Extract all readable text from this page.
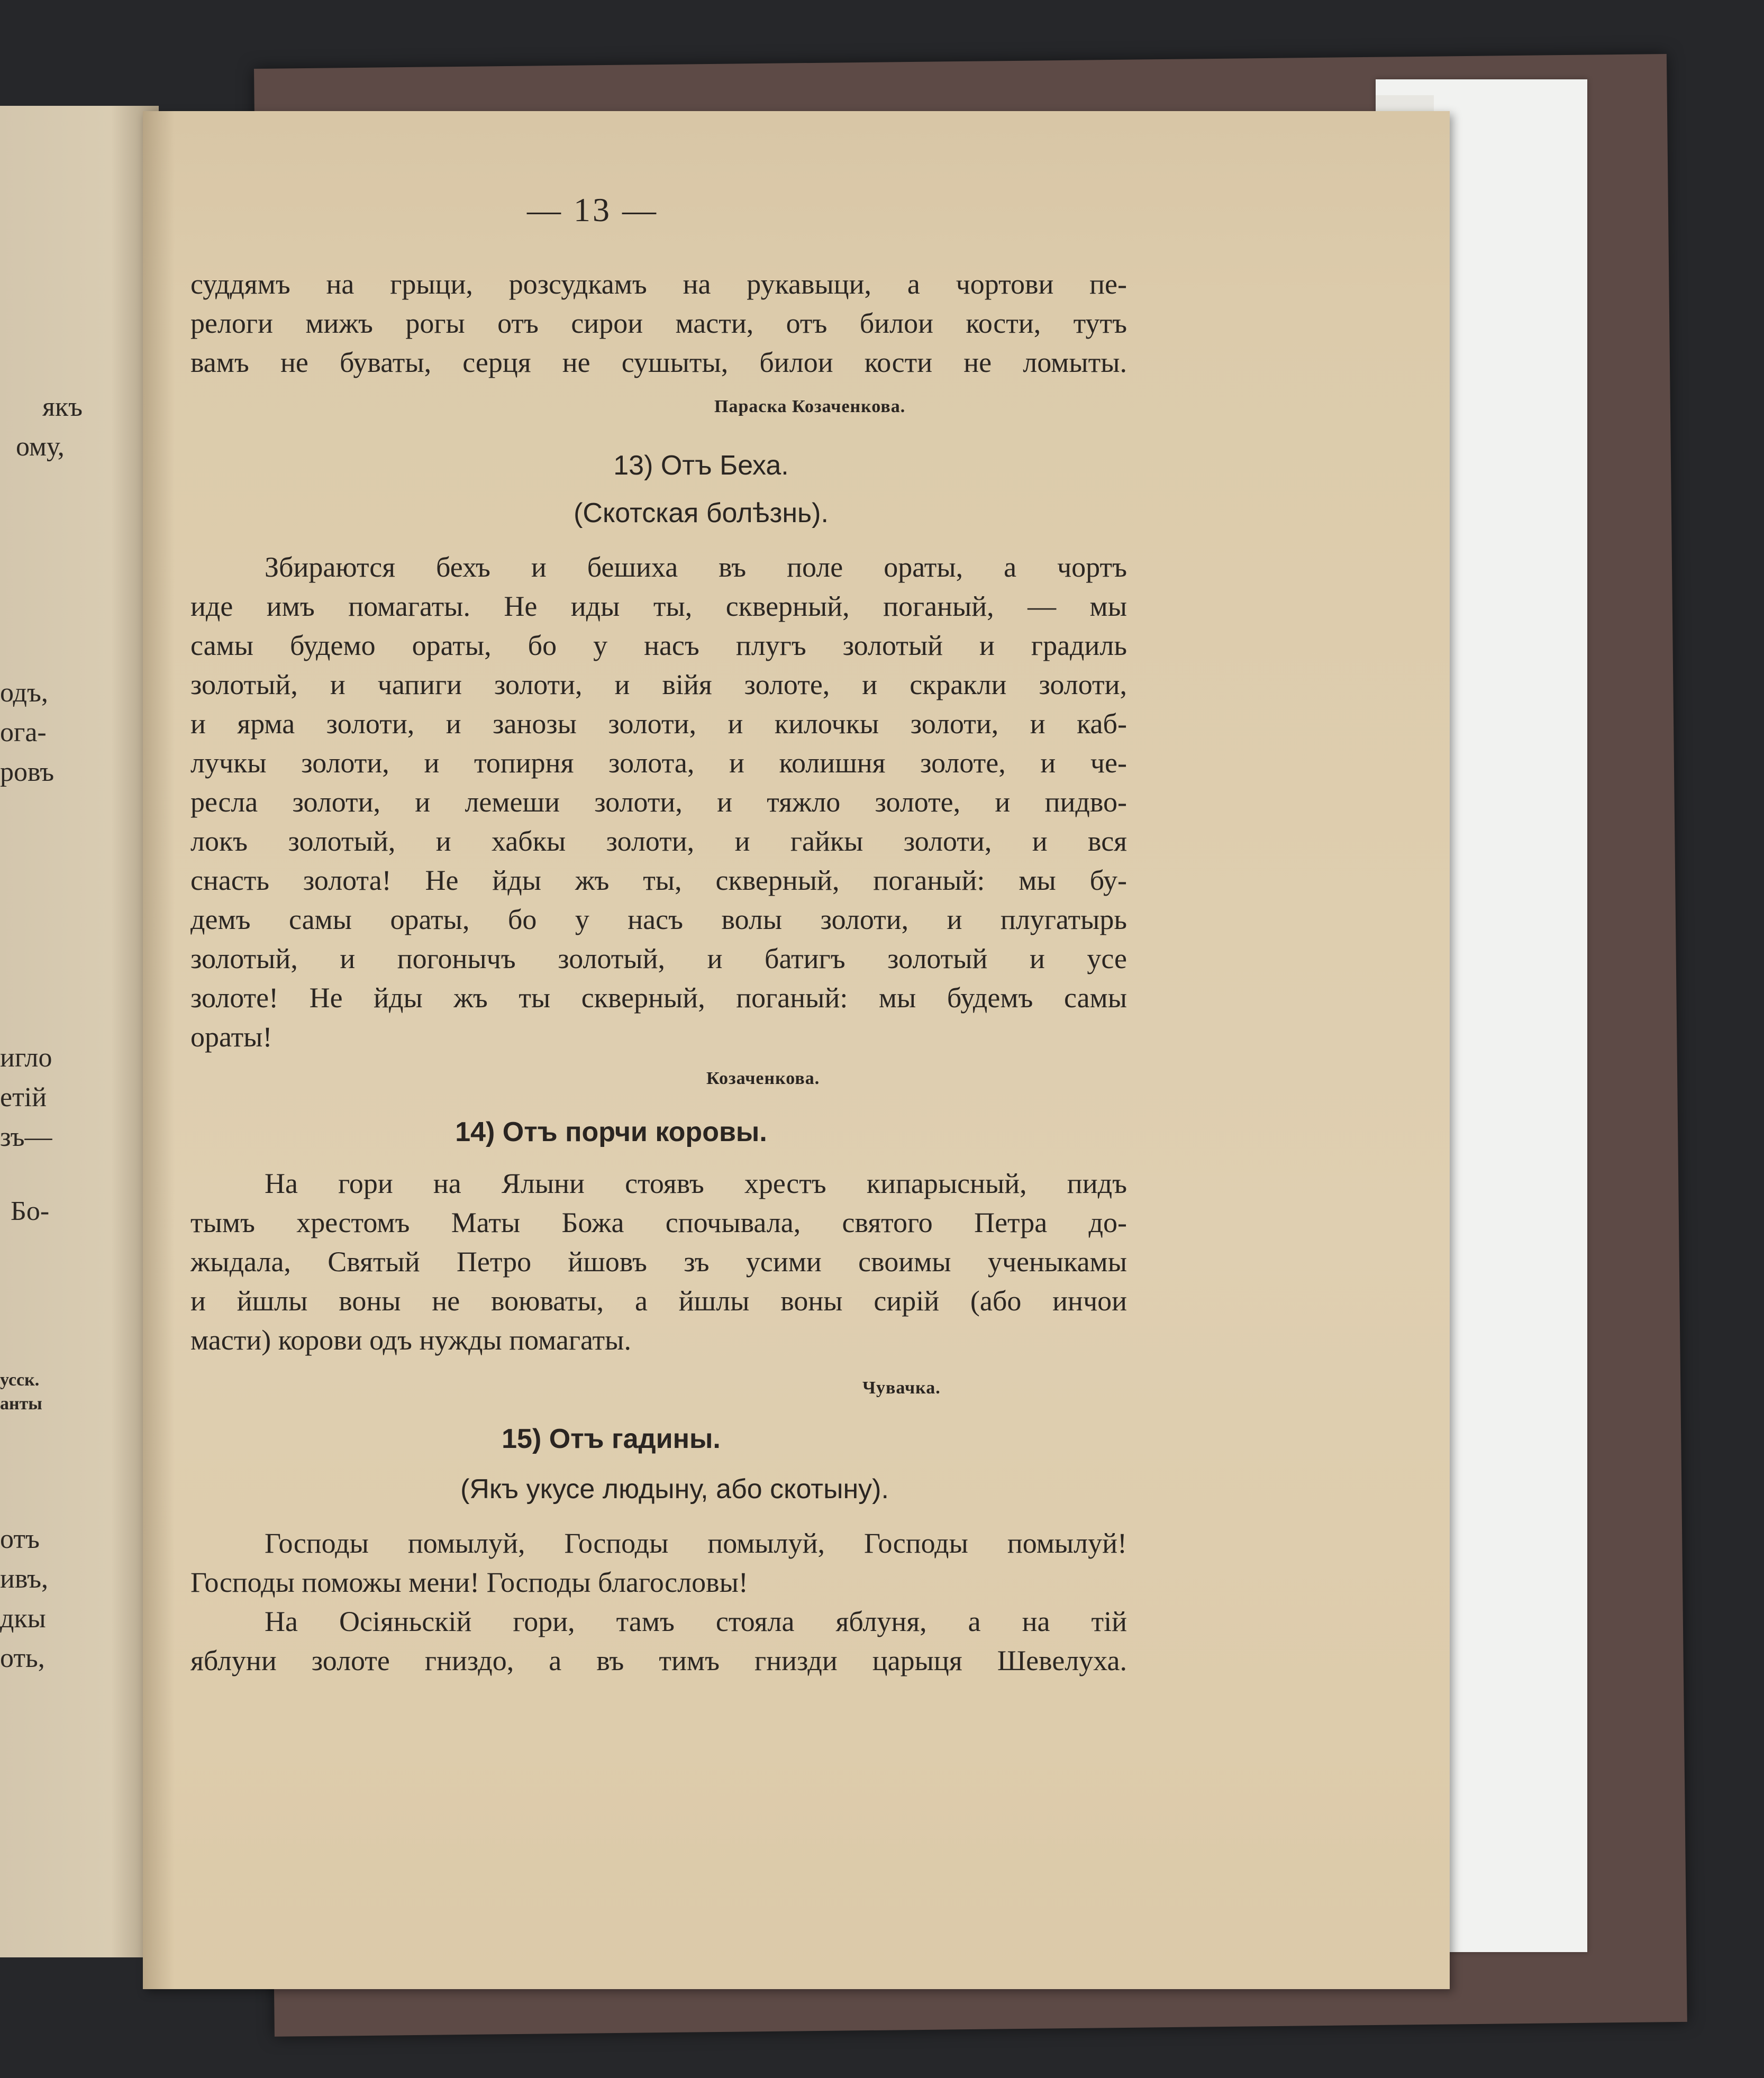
якъ
ому,
одъ,
ога-
ровъ
игло
етій
зъ—
Бо-
усск.
анты
отъ
ивъ,
дкы
оть,
— 13 —
суддямъ на грыци, розсудкамъ на рукавыци, а чортови пе-
релоги мижъ рогы отъ сирои масти, отъ билои кости, тутъ
вамъ не буваты, серця не сушыты, билои кости не ломыты.
Параска Козаченкова.
13) Отъ Беха.
(Скотская болѣзнь).
Збираются бехъ и бешиха въ поле ораты, а чортъ
иде имъ помагаты. Не иды ты, скверный, поганый, — мы
самы будемо ораты, бо у насъ плугъ золотый и градиль
золотый, и чапиги золоти, и війя золоте, и скракли золоти,
и ярма золоти, и занозы золоти, и килочкы золоти, и каб-
лучкы золоти, и топирня золота, и колишня золоте, и че-
ресла золоти, и лемеши золоти, и тяжло золоте, и пидво-
локъ золотый, и хабкы золоти, и гайкы золоти, и вся
снасть золота! Не йды жъ ты, скверный, поганый: мы бу-
демъ самы ораты, бо у насъ волы золоти, и плугатырь
золотый, и погонычъ золотый, и батигъ золотый и усе
золоте! Не йды жъ ты скверный, поганый: мы будемъ самы
ораты!
Козаченкова.
14) Отъ порчи коровы.
На гори на Ялыни стоявъ хрестъ кипарысный, пидъ
тымъ хрестомъ Маты Божа спочывала, святого Петра до-
жыдала, Святый Петро йшовъ зъ усими своимы ученыкамы
и йшлы воны не воюваты, а йшлы воны сирій (або инчои
масти) корови одъ нужды помагаты.
Чувачка.
15) Отъ гадины.
(Якъ укусе людыну, або скотыну).
Господы помылуй, Господы помылуй, Господы помылуй!
Господы поможы мени! Господы благословы!
На Осіяньскій гори, тамъ стояла яблуня, а на тій
яблуни золоте гниздо, а въ тимъ гнизди царыця Шевелуха.
